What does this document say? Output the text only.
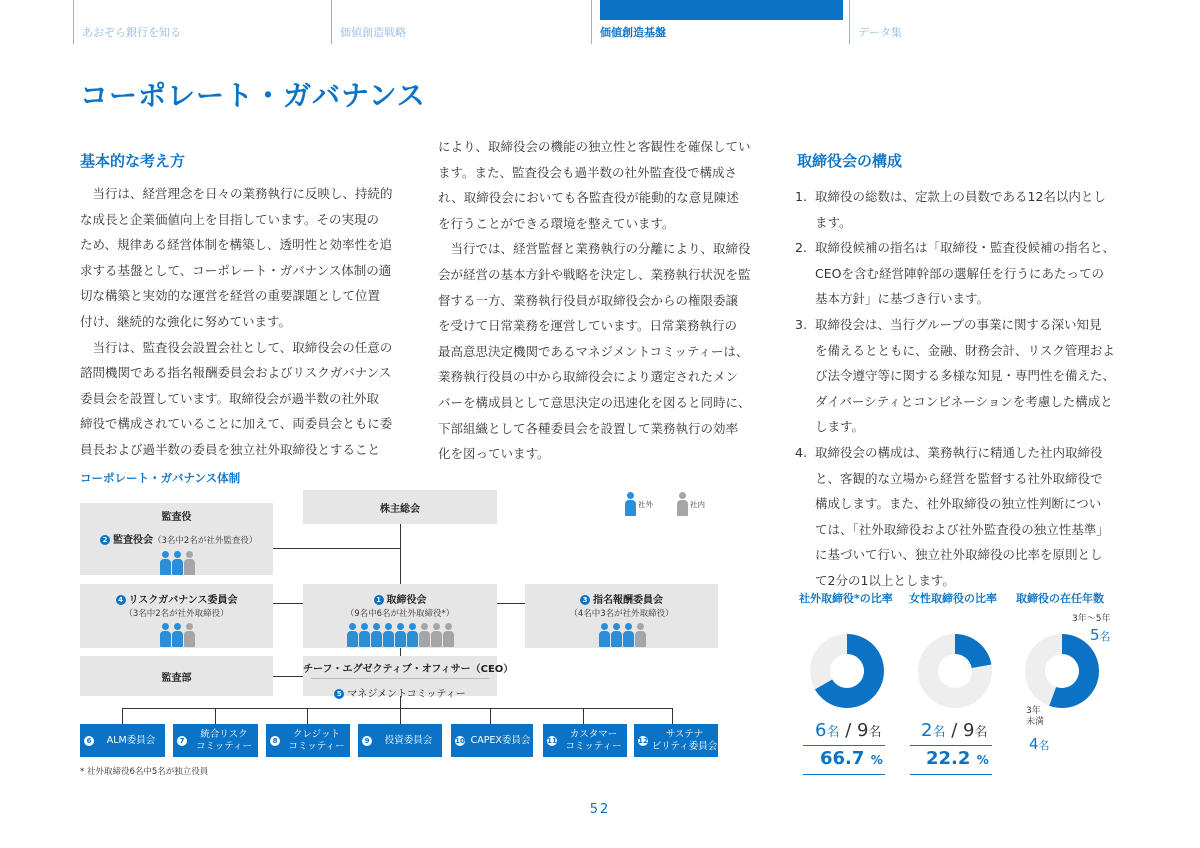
あおぞら銀行を知る	価値創造戦略	価値創造基盤	データ集
コーポレート・ガバナンス
基本的な考え方

当行は、経営理念を日々の業務執行に反映し、持続的

な成長と企業価値向上を目指しています。その実現の

ため、規律ある経営体制を構築し、透明性と効率性を追

求する基盤として、コーポレート・ガバナンス体制の適

切な構築と実効的な運営を経営の重要課題として位置

付け、継続的な強化に努めています。

当行は、監査役会設置会社として、取締役会の任意の

諮問機関である指名報酬委員会およびリスクガバナンス

委員会を設置しています。取締役会が過半数の社外取

締役で構成されていることに加えて、両委員会ともに委

員長および過半数の委員を独立社外取締役とすること

により、取締役会の機能の独立性と客観性を確保してい

ます。また、監査役会も過半数の社外監査役で構成さ

れ、取締役会においても各監査役が能動的な意見陳述

を行うことができる環境を整えています。

当行では、経営監督と業務執行の分離により、取締役

会が経営の基本方針や戦略を決定し、業務執行状況を監

督する一方、業務執行役員が取締役会からの権限委譲

を受けて日常業務を運営しています。日常業務執行の

最高意思決定機関であるマネジメントコミッティーは、

業務執行役員の中から取締役会により選定されたメン

バーを構成員として意思決定の迅速化を図ると同時に、

下部組織として各種委員会を設置して業務執行の効率

化を図っています。

取締役会の構成
1. 取締役の総数は、定款上の員数である12名以内とし
ます。
2. 取締役候補の指名は「取締役・監査役候補の指名と、
CEOを含む経営陣幹部の選解任を行うにあたっての
基本方針」に基づき行います。
3. 取締役会は、当行グループの事業に関する深い知見
を備えるとともに、金融、財務会計、リスク管理およ
び法令遵守等に関する多様な知見・専門性を備えた、
ダイバーシティとコンビネーションを考慮した構成と
します。
4. 取締役会の構成は、業務執行に精通した社内取締役
と、客観的な立場から経営を監督する社外取締役で
構成します。また、社外取締役の独立性判断につい
ては、「社外取締役および社外監査役の独立性基準」
に基づいて行い、独立社外取締役の比率を原則とし
て2分の1以上とします。
コーポレート・ガバナンス体制
社外	社内
株主総会
監査役
2 監査役会（3名中2名が社外監査役）
4 リスクガバナンス委員会
（3名中2名が社外取締役）
1 取締役会
（9名中6名が社外取締役*）
3 指名報酬委員会
（4名中3名が社外取締役）
監査部
チーフ・エグゼクティブ・オフィサー（CEO）
5 マネジメントコミッティー
6	ALM委員会	7
統合リスク
コミッティー	8
クレジット
コミッティー	9	投資委員会	10 CAPEX委員会	11
カスタマー
コミッティー	12
サステナ
ビリティ委員会
* 社外取締役6名中5名が独立役員
社外取締役*の比率 女性取締役の比率 取締役の在任年数
6名 / 9名
66.7 %
2名 / 9名
22.2 %
3年～5年
5名
3年
未満
4名
52
